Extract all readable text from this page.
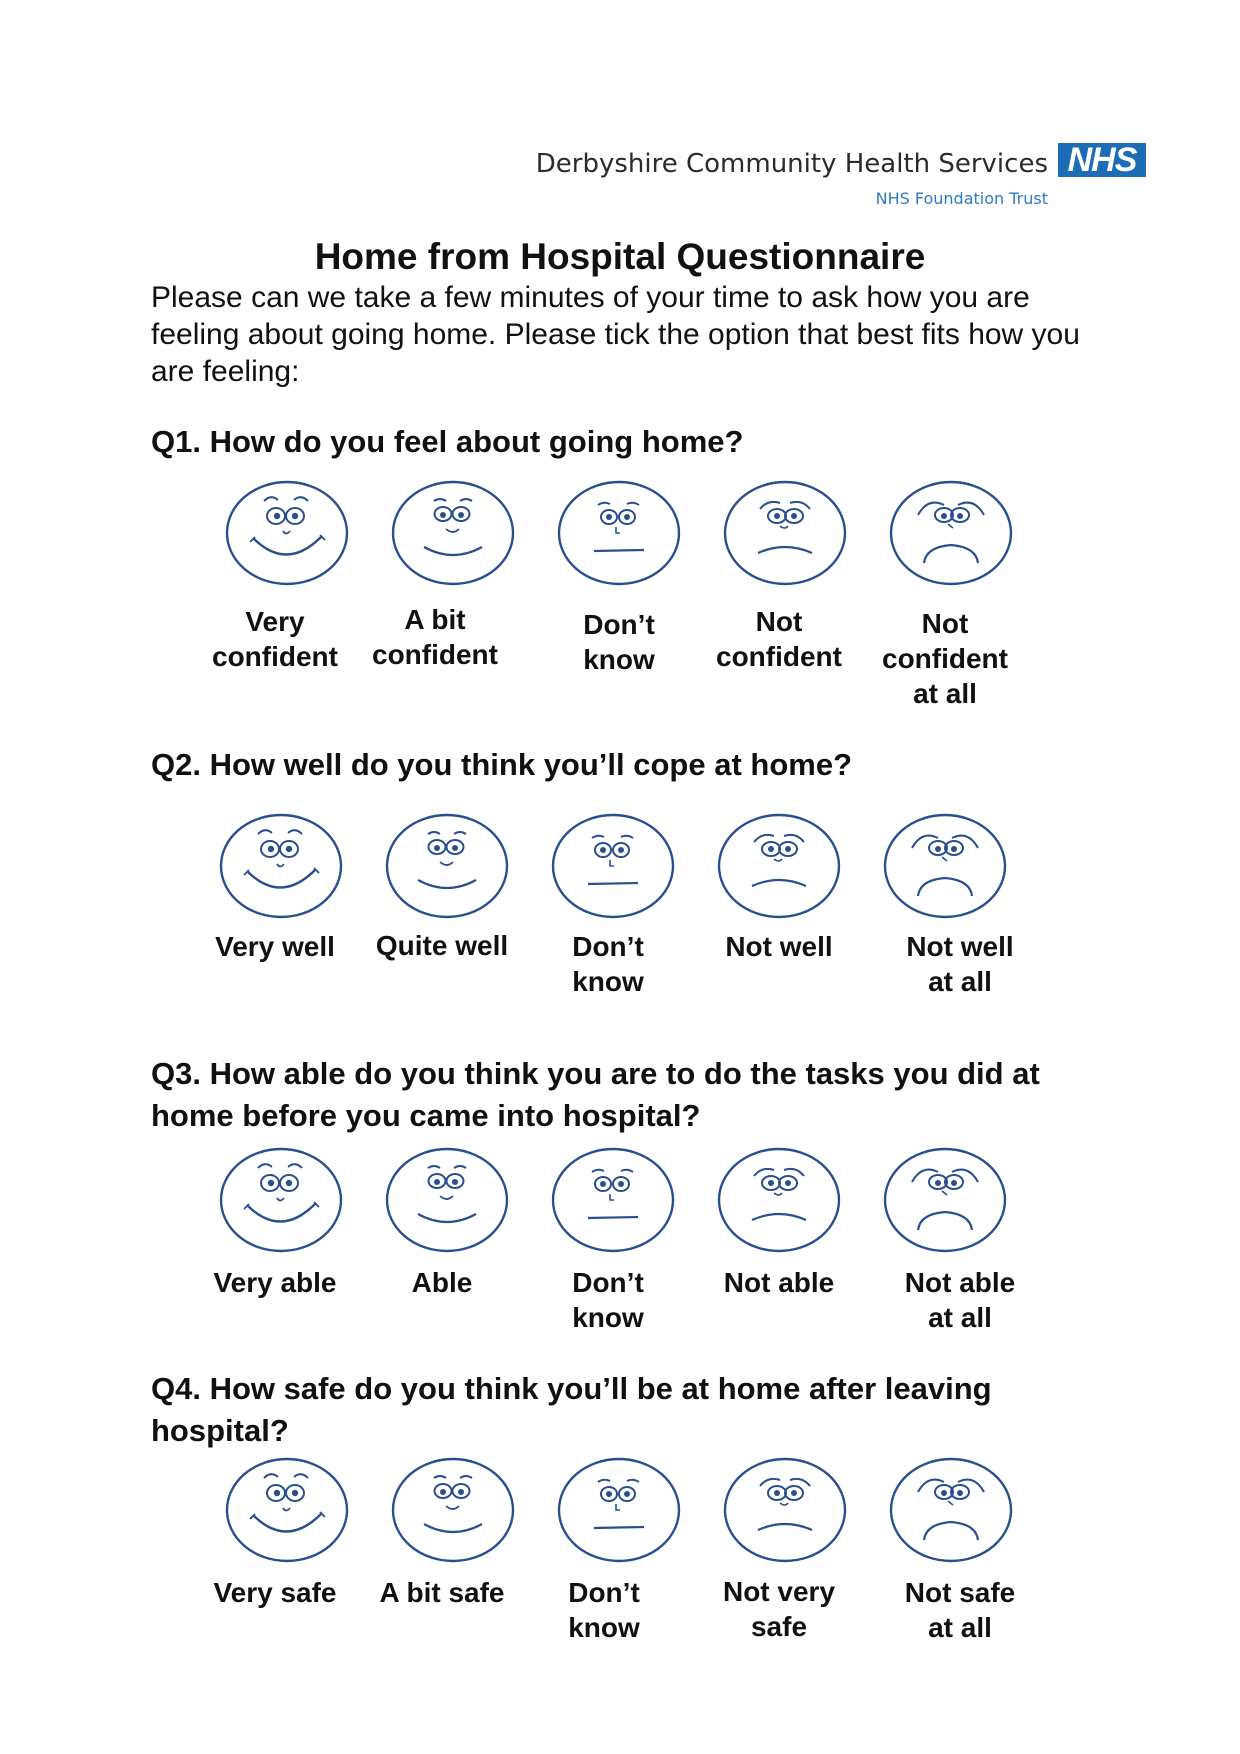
Derbyshire Community Health Services NHS
NHS Foundation Trust
Home from Hospital Questionnaire

Please can we take a few minutes of your time to ask how you are feeling about going home. Please tick the option that best fits how you are feeling:

Q1. How do you feel about going home?
Very
confident
A bit
confident
Don’t
know
Not
confident
Not
confident
at all
Q2. How well do you think you’ll cope at home?
Very well	Quite well	Don’t
know
Not well	Not well
at all
Q3. How able do you think you are to do the tasks you did at home before you came into hospital?
Very able	Able	Don’t
know
Not able	Not able
at all
Q4. How safe do you think you’ll be at home after leaving hospital?
Very safe	A bit safe	Don’t
know
Not very
safe
Not safe
at all
